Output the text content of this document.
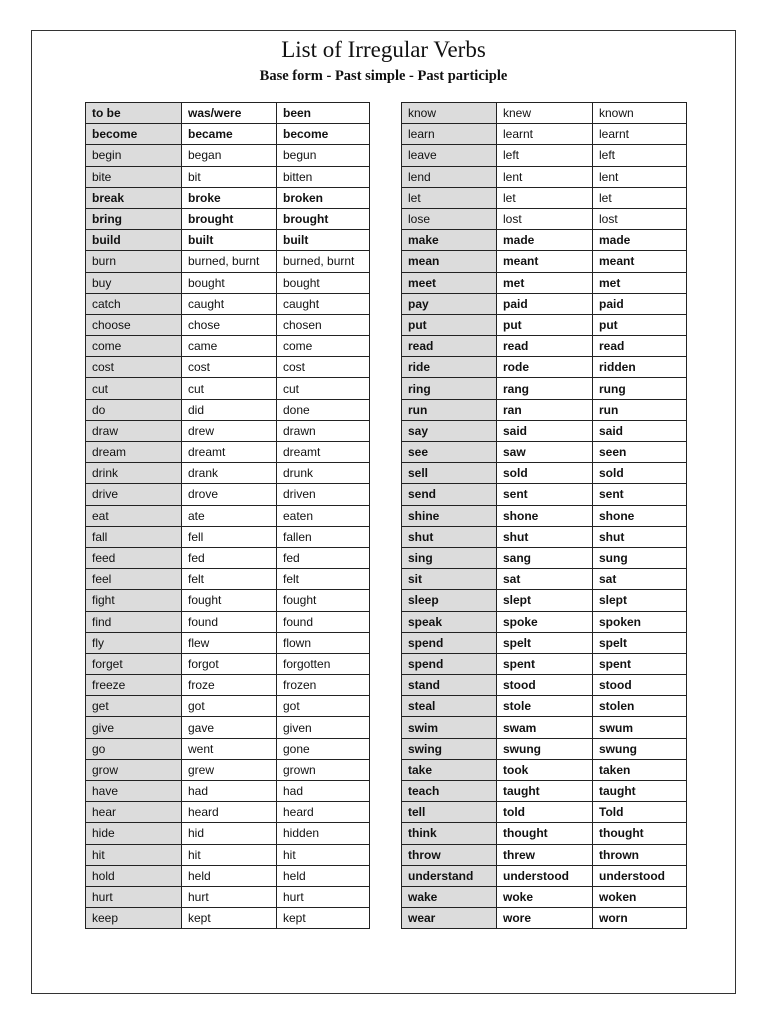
List of Irregular Verbs
Base form - Past simple - Past participle
to be	was/were	been
become	became	become
begin	began	begun
bite	bit	bitten
break	broke	broken
bring	brought	brought
build	built	built
burn	burned, burnt	burned, burnt
buy	bought	bought
catch	caught	caught
choose	chose	chosen
come	came	come
cost	cost	cost
cut	cut	cut
do	did	done
draw	drew	drawn
dream	dreamt	dreamt
drink	drank	drunk
drive	drove	driven
eat	ate	eaten
fall	fell	fallen
feed	fed	fed
feel	felt	felt
fight	fought	fought
find	found	found
fly	flew	flown
forget	forgot	forgotten
freeze	froze	frozen
get	got	got
give	gave	given
go	went	gone
grow	grew	grown
have	had	had
hear	heard	heard
hide	hid	hidden
hit	hit	hit
hold	held	held
hurt	hurt	hurt
keep	kept	kept
know	knew	known
learn	learnt	learnt
leave	left	left
lend	lent	lent
let	let	let
lose	lost	lost
make	made	made
mean	meant	meant
meet	met	met
pay	paid	paid
put	put	put
read	read	read
ride	rode	ridden
ring	rang	rung
run	ran	run
say	said	said
see	saw	seen
sell	sold	sold
send	sent	sent
shine	shone	shone
shut	shut	shut
sing	sang	sung
sit	sat	sat
sleep	slept	slept
speak	spoke	spoken
spend	spelt	spelt
spend	spent	spent
stand	stood	stood
steal	stole	stolen
swim	swam	swum
swing	swung	swung
take	took	taken
teach	taught	taught
tell	told	Told
think	thought	thought
throw	threw	thrown
understand	understood	understood
wake	woke	woken
wear	wore	worn
